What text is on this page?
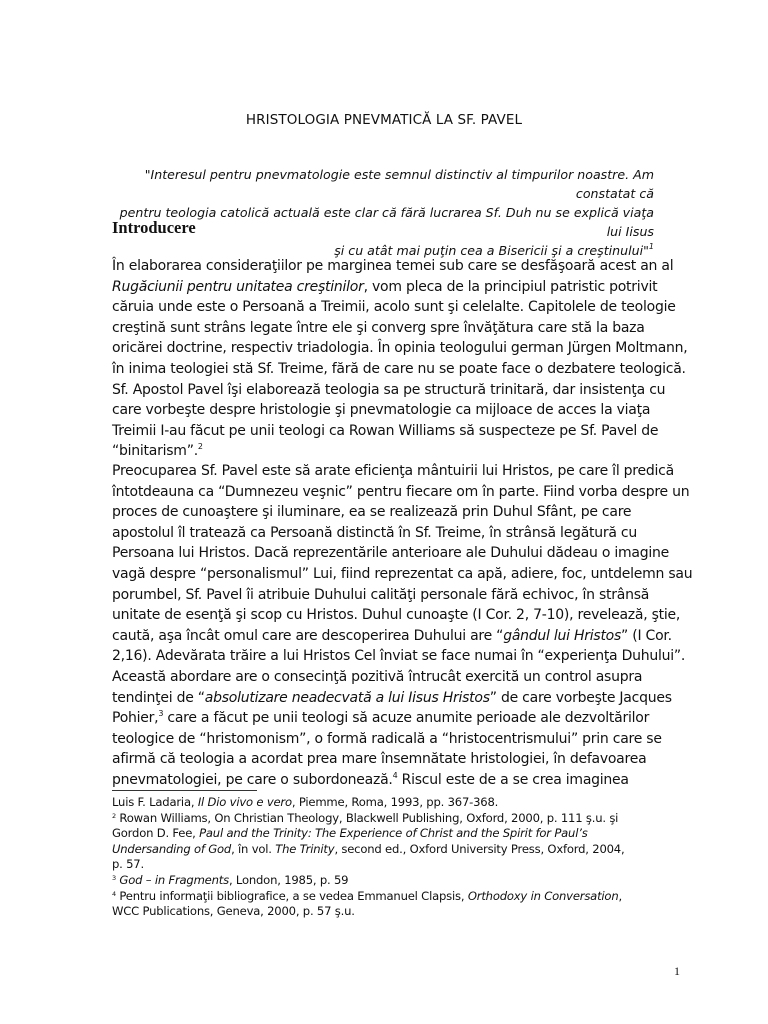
HRISTOLOGIA PNEVMATICĂ LA SF. PAVEL
"Interesul pentru pnevmatologie este semnul distinctiv al timpurilor noastre. Am constatat că
pentru teologia catolică actuală este clar că fără lucrarea Sf. Duh nu se explică viaţa lui Iisus
şi cu atât mai puţin cea a Bisericii şi a creştinului"$^1$
Introducere
În elaborarea consideraţiilor pe marginea temei sub care se desfăşoară acest an al
Rugăciunii pentru unitatea creştinilor, vom pleca de la principiul patristic potrivit
căruia unde este o Persoană a Treimii, acolo sunt şi celelalte. Capitolele de teologie
creştină sunt strâns legate între ele şi converg spre învăţătura care stă la baza
oricărei doctrine, respectiv triadologia. În opinia teologului german Jürgen Moltmann,
în inima teologiei stă Sf. Treime, fără de care nu se poate face o dezbatere teologică.
Sf. Apostol Pavel îşi elaborează teologia sa pe structură trinitară, dar insistenţa cu
care vorbeşte despre hristologie şi pnevmatologie ca mijloace de acces la viaţa
Treimii I-au făcut pe unii teologi ca Rowan Williams să suspecteze pe Sf. Pavel de
“binitarism”.$^2$
Preocuparea Sf. Pavel este să arate eficienţa mântuirii lui Hristos, pe care îl predică
întotdeauna ca “Dumnezeu veşnic” pentru fiecare om în parte. Fiind vorba despre un
proces de cunoaştere şi iluminare, ea se realizează prin Duhul Sfânt, pe care
apostolul îl tratează ca Persoană distinctă în Sf. Treime, în strânsă legătură cu
Persoana lui Hristos. Dacă reprezentările anterioare ale Duhului dădeau o imagine
vagă despre “personalismul” Lui, fiind reprezentat ca apă, adiere, foc, untdelemn sau
porumbel, Sf. Pavel îi atribuie Duhului calităţi personale fără echivoc, în strânsă
unitate de esenţă şi scop cu Hristos. Duhul cunoaşte (I Cor. 2, 7-10), revelează, ştie,
caută, aşa încât omul care are descoperirea Duhului are “gândul lui Hristos” (I Cor.
2,16). Adevărata trăire a lui Hristos Cel înviat se face numai în “experienţa Duhului”.
Această abordare are o consecinţă pozitivă întrucât exercită un control asupra
tendinţei de “absolutizare neadecvată a lui Iisus Hristos” de care vorbeşte Jacques
Pohier,$^3$ care a făcut pe unii teologi să acuze anumite perioade ale dezvoltărilor
teologice de “hristomonism”, o formă radicală a “hristocentrismului” prin care se
afirmă că teologia a acordat prea mare însemnătate hristologiei, în defavoarea
pnevmatologiei, pe care o subordonează.$^4$ Riscul este de a se crea imaginea
Luis F. Ladaria, Il Dio vivo e vero, Piemme, Roma, 1993, pp. 367-368.
$^2$ Rowan Williams, On Christian Theology, Blackwell Publishing, Oxford, 2000, p. 111 ş.u. şi
Gordon D. Fee, Paul and the Trinity: The Experience of Christ and the Spirit for Paul’s
Undersanding of God, în vol. The Trinity, second ed., Oxford University Press, Oxford, 2004,
p. 57.
$^3$ God – in Fragments, London, 1985, p. 59
$^4$ Pentru informaţii bibliografice, a se vedea Emmanuel Clapsis, Orthodoxy in Conversation,
WCC Publications, Geneva, 2000, p. 57 ş.u.
1
